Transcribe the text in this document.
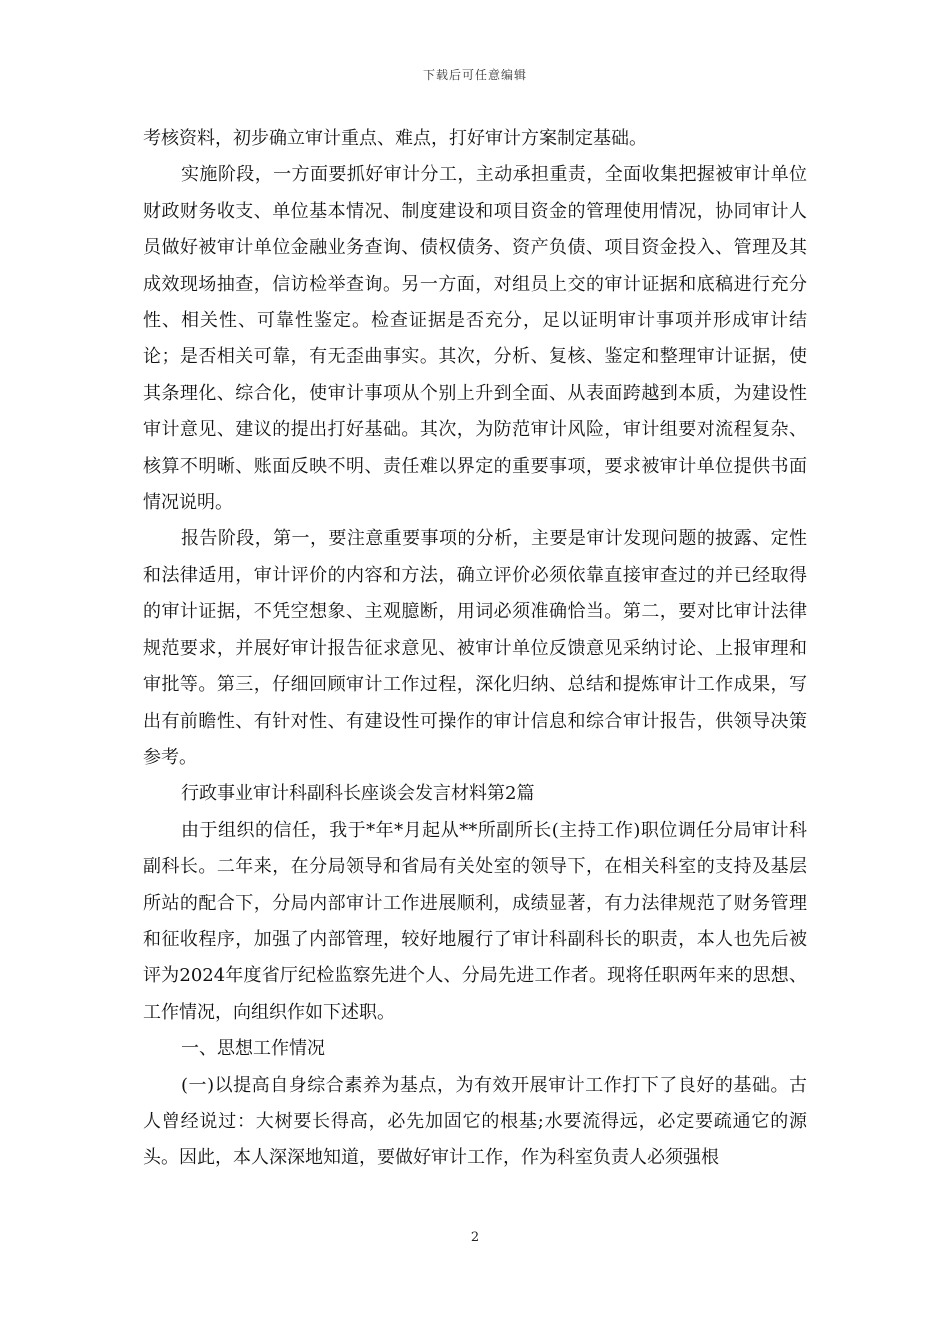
下载后可任意编辑

考核资料，初步确立审计重点、难点，打好审计方案制定基础。

实施阶段，一方面要抓好审计分工，主动承担重责，全面收集把握被审计单位财政财务收支、单位基本情况、制度建设和项目资金的管理使用情况，协同审计人员做好被审计单位金融业务查询、债权债务、资产负债、项目资金投入、管理及其成效现场抽查，信访检举查询。另一方面，对组员上交的审计证据和底稿进行充分性、相关性、可靠性鉴定。检查证据是否充分，足以证明审计事项并形成审计结论；是否相关可靠，有无歪曲事实。其次，分析、复核、鉴定和整理审计证据，使其条理化、综合化，使审计事项从个别上升到全面、从表面跨越到本质，为建设性审计意见、建议的提出打好基础。其次，为防范审计风险，审计组要对流程复杂、核算不明晰、账面反映不明、责任难以界定的重要事项，要求被审计单位提供书面情况说明。

报告阶段，第一，要注意重要事项的分析，主要是审计发现问题的披露、定性和法律适用，审计评价的内容和方法，确立评价必须依靠直接审查过的并已经取得的审计证据，不凭空想象、主观臆断，用词必须准确恰当。第二，要对比审计法律规范要求，并展好审计报告征求意见、被审计单位反馈意见采纳讨论、上报审理和审批等。第三，仔细回顾审计工作过程，深化归纳、总结和提炼审计工作成果，写出有前瞻性、有针对性、有建设性可操作的审计信息和综合审计报告，供领导决策参考。

行政事业审计科副科长座谈会发言材料第2篇

由于组织的信任，我于*年*月起从**所副所长(主持工作)职位调任分局审计科副科长。二年来，在分局领导和省局有关处室的领导下，在相关科室的支持及基层所站的配合下，分局内部审计工作进展顺利，成绩显著，有力法律规范了财务管理和征收程序，加强了内部管理，较好地履行了审计科副科长的职责，本人也先后被评为2024年度省厅纪检监察先进个人、分局先进工作者。现将任职两年来的思想、工作情况，向组织作如下述职。

一、思想工作情况

(一)以提高自身综合素养为基点，为有效开展审计工作打下了良好的基础。古人曾经说过：大树要长得高，必先加固它的根基;水要流得远，必定要疏通它的源头。因此，本人深深地知道，要做好审计工作，作为科室负责人必须强根

2
